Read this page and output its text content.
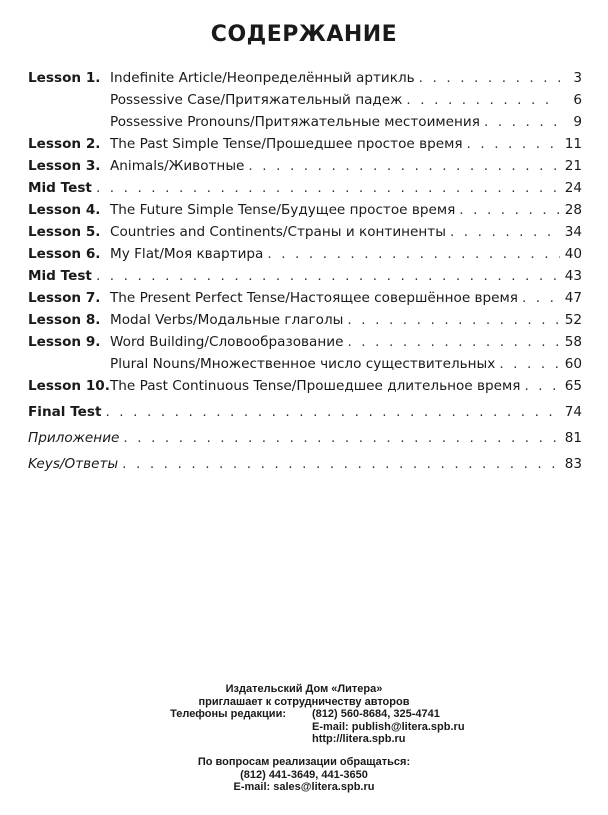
СОДЕРЖАНИЕ
Lesson 1. Indefinite Article/Неопределённый артикль . . .	3
Possessive Case/Притяжательный падеж . . .	6
Possessive Pronouns/Притяжательные местоимения . . .	9
Lesson 2. The Past Simple Tense/Прошедшее простое время . . .	11
Lesson 3. Animals/Животные . . .	21
Mid Test . . .	24
Lesson 4. The Future Simple Tense/Будущее простое время . . .	28
Lesson 5. Countries and Continents/Страны и континенты . . .	34
Lesson 6. My Flat/Моя квартира . . .	40
Mid Test . . .	43
Lesson 7. The Present Perfect Tense/Настоящее совершённое время . . .	47
Lesson 8. Modal Verbs/Модальные глаголы . . .	52
Lesson 9. Word Building/Словообразование . . .	58
Plural Nouns/Множественное число существительных . . .	60
Lesson 10. The Past Continuous Tense/Прошедшее длительное время . . .	65
Final Test . . .	74
Приложение . . .	81
Keys/Ответы . . .	83
Издательский Дом «Литера»
приглашает к сотрудничеству авторов
Телефоны редакции: (812) 560-8684, 325-4741
E-mail: publish@litera.spb.ru
http://litera.spb.ru
По вопросам реализации обращаться:
(812) 441-3649, 441-3650
E-mail: sales@litera.spb.ru
